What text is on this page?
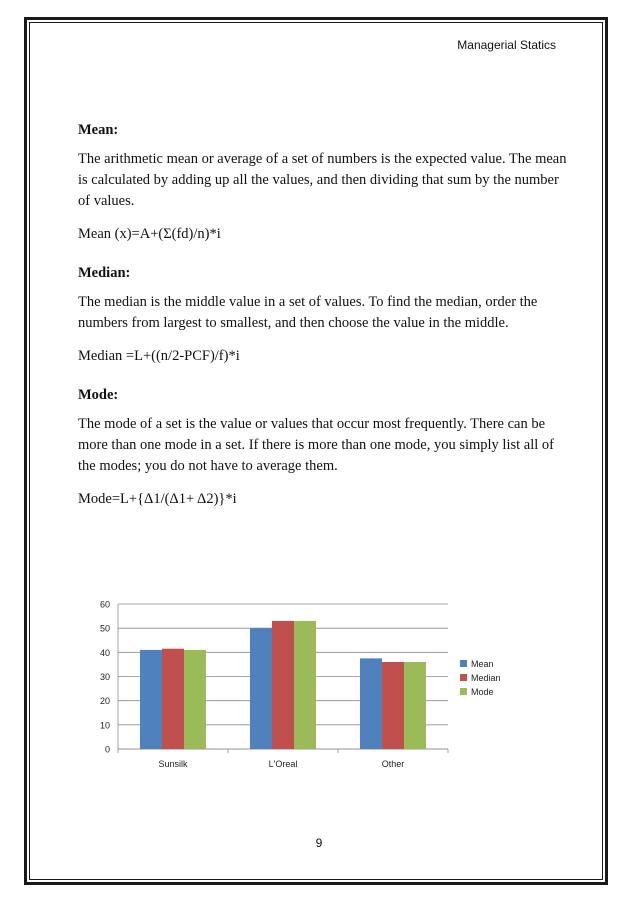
Managerial Statics
Mean:

The arithmetic mean or average of a set of numbers is the expected value. The mean is calculated by adding up all the values, and then dividing that sum by the number of values.

Mean (x)=A+(Σ(fd)/n)*i

Median:

The median is the middle value in a set of values. To find the median, order the numbers from largest to smallest, and then choose the value in the middle.

Median =L+((n/2-PCF)/f)*i

Mode:

The mode of a set is the value or values that occur most frequently. There can be more than one mode in a set. If there is more than one mode, you simply list all of the modes; you do not have to average them.

Mode=L+{Δ1/(Δ1+ Δ2)}*i

0
10
20
30
40
50
60
Sunsilk	L'Oreal	Other
Mean
Median
Mode
9
